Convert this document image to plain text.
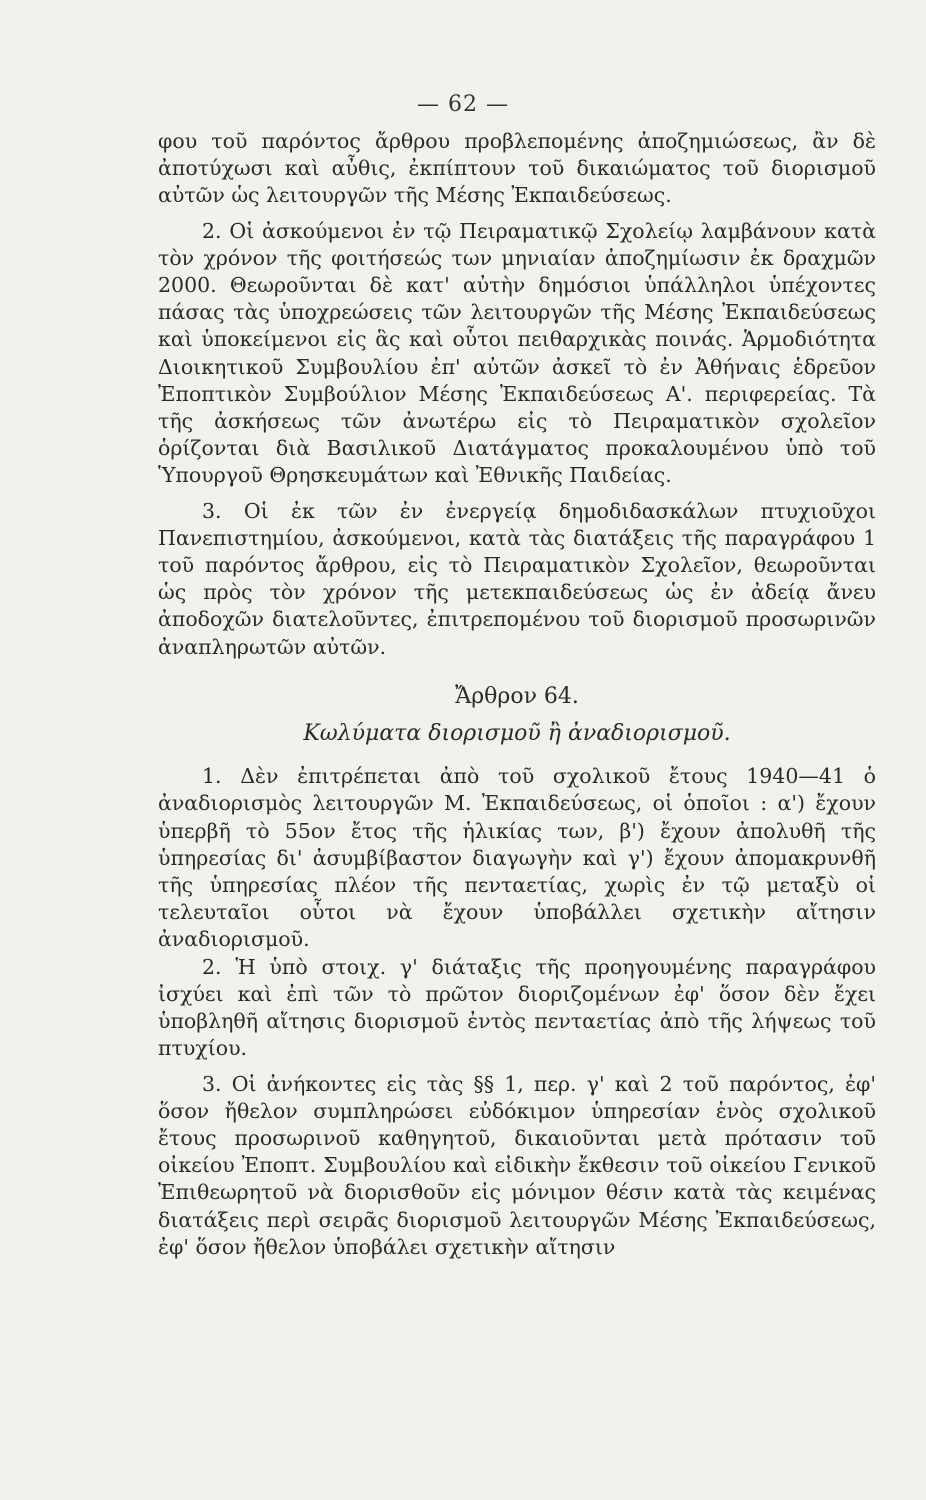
— 62 —

φου τοῦ παρόντος ἄρθρου προβλεπομένης ἀποζημιώσεως, ἂν δὲ ἀποτύχωσι καὶ αὖθις, ἐκπίπτουν τοῦ δικαιώματος τοῦ διορισμοῦ αὐτῶν ὡς λειτουργῶν τῆς Μέσης Ἐκπαιδεύσεως.

2. Οἱ ἀσκούμενοι ἐν τῷ Πειραματικῷ Σχολείῳ λαμβάνουν κατὰ τὸν χρόνον τῆς φοιτήσεώς των μηνιαίαν ἀποζημίωσιν ἐκ δραχμῶν 2000. Θεωροῦνται δὲ κατ' αὐτὴν δημόσιοι ὑπάλληλοι ὑπέχοντες πάσας τὰς ὑποχρεώσεις τῶν λειτουργῶν τῆς Μέσης Ἐκπαιδεύσεως καὶ ὑποκείμενοι εἰς ἃς καὶ οὗτοι πειθαρχικὰς ποινάς. Ἁρμοδιότητα Διοικητικοῦ Συμβουλίου ἐπ' αὐτῶν ἀσκεῖ τὸ ἐν Ἀθήναις ἑδρεῦον Ἐποπτικὸν Συμβούλιον Μέσης Ἐκπαιδεύσεως Α'. περιφερείας. Τὰ τῆς ἀσκήσεως τῶν ἀνωτέρω εἰς τὸ Πειραματικὸν σχολεῖον ὁρίζονται διὰ Βασιλικοῦ Διατάγματος προκαλουμένου ὑπὸ τοῦ Ὑπουργοῦ Θρησκευμάτων καὶ Ἐθνικῆς Παιδείας.

3. Οἱ ἐκ τῶν ἐν ἐνεργείᾳ δημοδιδασκάλων πτυχιοῦχοι Πανεπιστημίου, ἀσκούμενοι, κατὰ τὰς διατάξεις τῆς παραγράφου 1 τοῦ παρόντος ἄρθρου, εἰς τὸ Πειραματικὸν Σχολεῖον, θεωροῦνται ὡς πρὸς τὸν χρόνον τῆς μετεκπαιδεύσεως ὡς ἐν ἀδείᾳ ἄνευ ἀποδοχῶν διατελοῦντες, ἐπιτρεπομένου τοῦ διορισμοῦ προσωρινῶν ἀναπληρωτῶν αὐτῶν.

Ἄρθρον 64.
Κωλύματα διορισμοῦ ἢ ἀναδιορισμοῦ.

1. Δὲν ἐπιτρέπεται ἀπὸ τοῦ σχολικοῦ ἔτους 1940—41 ὁ ἀναδιορισμὸς λειτουργῶν Μ. Ἐκπαιδεύσεως, οἱ ὁποῖοι : α') ἔχουν ὑπερβῆ τὸ 55ον ἔτος τῆς ἡλικίας των, β') ἔχουν ἀπολυθῆ τῆς ὑπηρεσίας δι' ἀσυμβίβαστον διαγωγὴν καὶ γ') ἔχουν ἀπομακρυνθῆ τῆς ὑπηρεσίας πλέον τῆς πενταετίας, χωρὶς ἐν τῷ μεταξὺ οἱ τελευταῖοι οὗτοι νὰ ἔχουν ὑποβάλλει σχετικὴν αἴτησιν ἀναδιορισμοῦ.

2. Ἡ ὑπὸ στοιχ. γ' διάταξις τῆς προηγουμένης παραγράφου ἰσχύει καὶ ἐπὶ τῶν τὸ πρῶτον διοριζομένων ἐφ' ὅσον δὲν ἔχει ὑποβληθῆ αἴτησις διορισμοῦ ἐντὸς πενταετίας ἀπὸ τῆς λήψεως τοῦ πτυχίου.

3. Οἱ ἀνήκοντες εἰς τὰς §§ 1, περ. γ' καὶ 2 τοῦ παρόντος, ἐφ' ὅσον ἤθελον συμπληρώσει εὐδόκιμον ὑπηρεσίαν ἑνὸς σχολικοῦ ἔτους προσωρινοῦ καθηγητοῦ, δικαιοῦνται μετὰ πρότασιν τοῦ οἰκείου Ἐποπτ. Συμβουλίου καὶ εἰδικὴν ἔκθεσιν τοῦ οἰκείου Γενικοῦ Ἐπιθεωρητοῦ νὰ διορισθοῦν εἰς μόνιμον θέσιν κατὰ τὰς κειμένας διατάξεις περὶ σειρᾶς διορισμοῦ λειτουργῶν Μέσης Ἐκπαιδεύσεως, ἐφ' ὅσον ἤθελον ὑποβάλει σχετικὴν αἴτησιν
